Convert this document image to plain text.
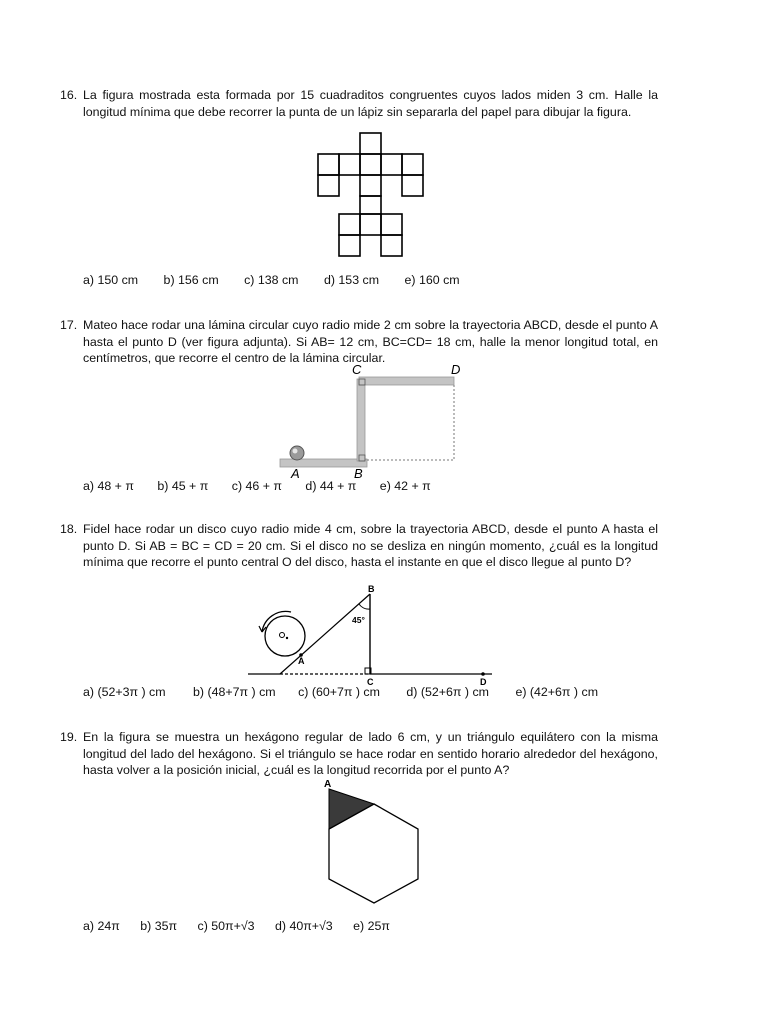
16. La figura mostrada esta formada por 15 cuadraditos congruentes cuyos lados miden 3 cm. Halle la longitud mínima que debe recorrer la punta de un lápiz sin separarla del papel para dibujar la figura.
a) 150 cm b) 156 cm c) 138 cm d) 153 cm e) 160 cm
17. Mateo hace rodar una lámina circular cuyo radio mide 2 cm sobre la trayectoria ABCD, desde el punto A hasta el punto D (ver figura adjunta). Si AB= 12 cm, BC=CD= 18 cm, halle la menor longitud total, en centímetros, que recorre el centro de la lámina circular.
A	B
C	D
a) 48 + π b) 45 + π c) 46 + π d) 44 + π e) 42 + π
18. Fidel hace rodar un disco cuyo radio mide 4 cm, sobre la trayectoria ABCD, desde el punto A hasta el punto D. Si AB = BC = CD = 20 cm. Si el disco no se desliza en ningún momento, ¿cuál es la longitud mínima que recorre el punto central O del disco, hasta el instante en que el disco llegue al punto D?
A
B
C	D
45°
a) (52+3π ) cm b) (48+7π ) cm c) (60+7π ) cm d) (52+6π ) cm e) (42+6π ) cm
19. En la figura se muestra un hexágono regular de lado 6 cm, y un triángulo equilátero con la misma longitud del lado del hexágono. Si el triángulo se hace rodar en sentido horario alrededor del hexágono, hasta volver a la posición inicial, ¿cuál es la longitud recorrida por el punto A?
A
a) 24π b) 35π c) 50π+√3 d) 40π+√3 e) 25π
